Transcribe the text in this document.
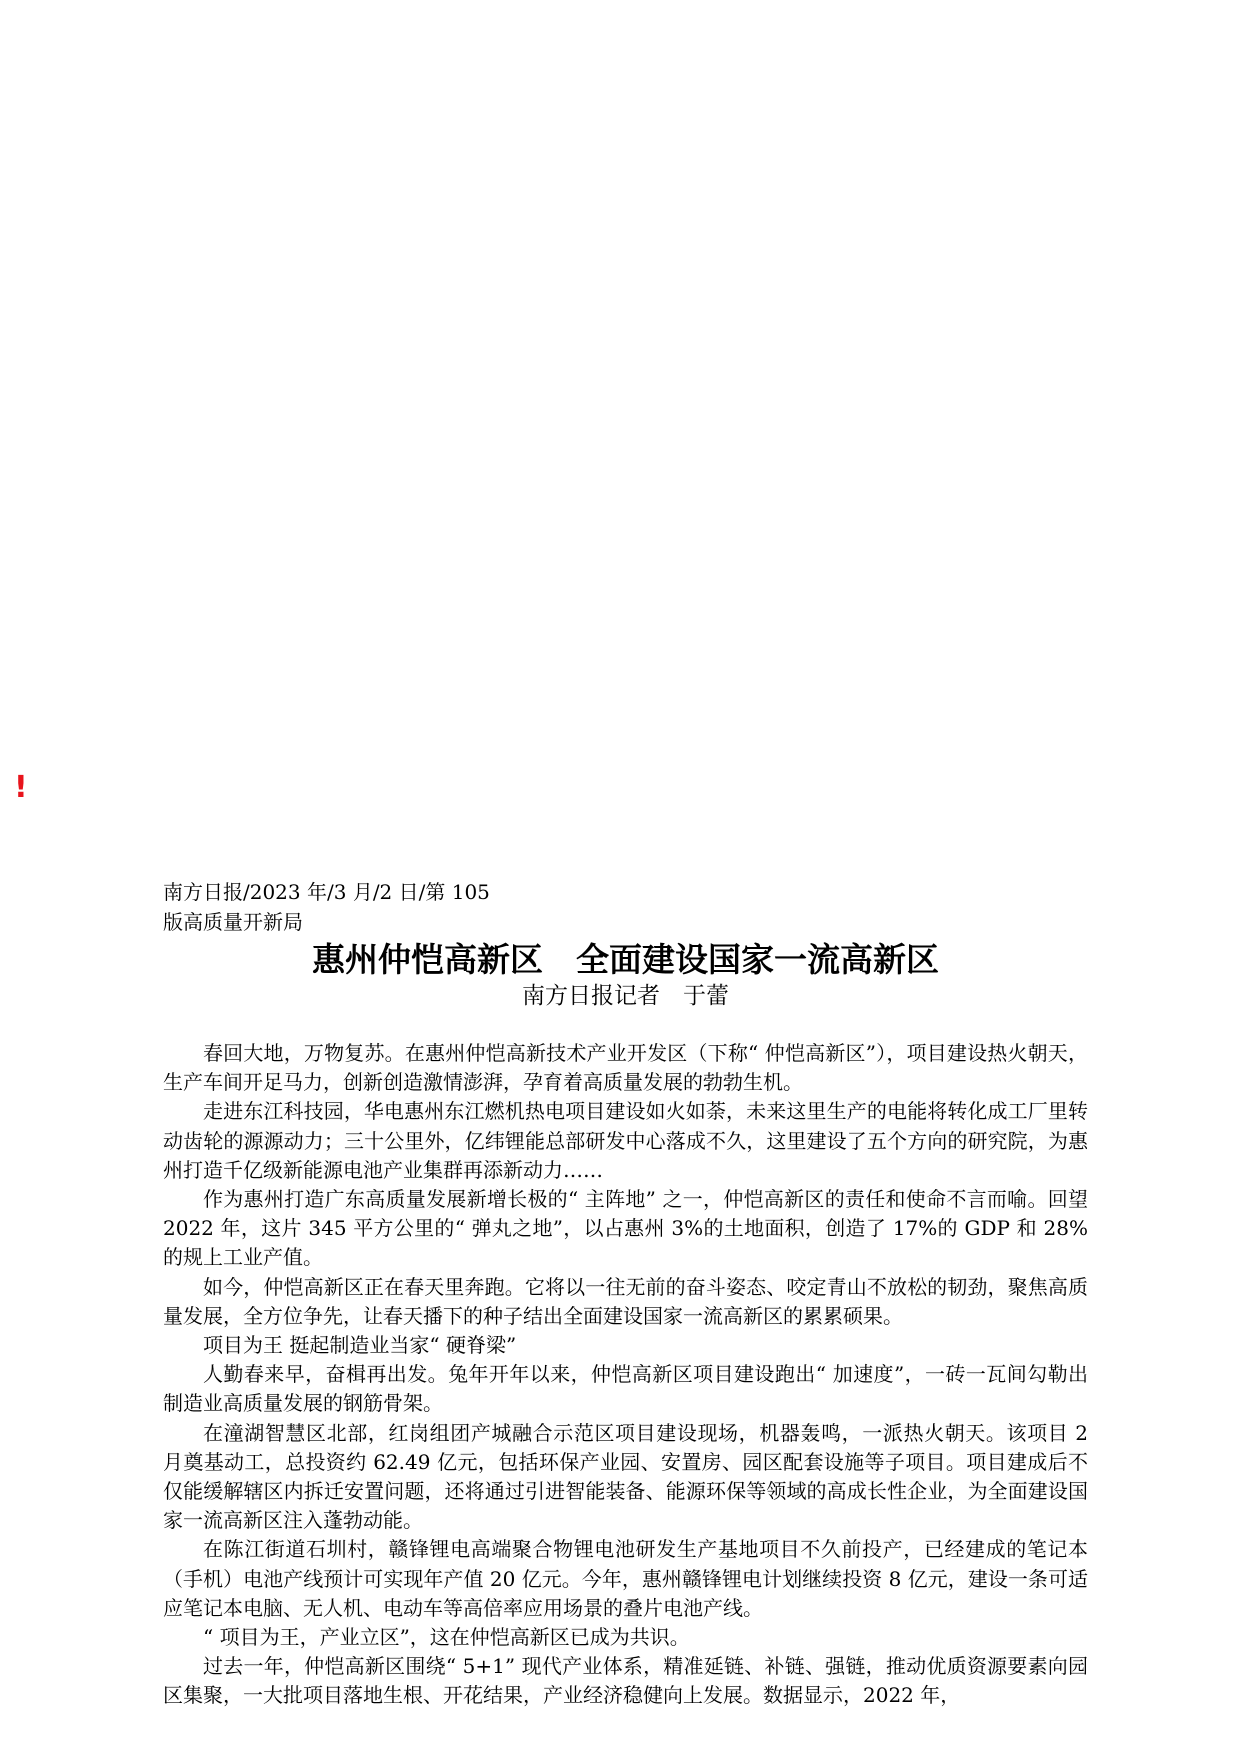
!
南方日报/2023 年/3 月/2 日/第 105
版高质量开新局
惠州仲恺高新区　全面建设国家一流高新区
南方日报记者　于蕾

春回大地，万物复苏。在惠州仲恺高新技术产业开发区（下称“ 仲恺高新区”），项目建设热火朝天，生产车间开足马力，创新创造激情澎湃，孕育着高质量发展的勃勃生机。

走进东江科技园，华电惠州东江燃机热电项目建设如火如荼，未来这里生产的电能将转化成工厂里转动齿轮的源源动力；三十公里外，亿纬锂能总部研发中心落成不久，这里建设了五个方向的研究院，为惠州打造千亿级新能源电池产业集群再添新动力……

作为惠州打造广东高质量发展新增长极的“ 主阵地” 之一，仲恺高新区的责任和使命不言而喻。回望 2022 年，这片 345 平方公里的“ 弹丸之地”，以占惠州 3%的土地面积，创造了 17%的 GDP 和 28%的规上工业产值。

如今，仲恺高新区正在春天里奔跑。它将以一往无前的奋斗姿态、咬定青山不放松的韧劲，聚焦高质量发展，全方位争先，让春天播下的种子结出全面建设国家一流高新区的累累硕果。

项目为王 挺起制造业当家“ 硬脊梁”

人勤春来早，奋楫再出发。兔年开年以来，仲恺高新区项目建设跑出“ 加速度”，一砖一瓦间勾勒出制造业高质量发展的钢筋骨架。

在潼湖智慧区北部，红岗组团产城融合示范区项目建设现场，机器轰鸣，一派热火朝天。该项目 2 月奠基动工，总投资约 62.49 亿元，包括环保产业园、安置房、园区配套设施等子项目。项目建成后不仅能缓解辖区内拆迁安置问题，还将通过引进智能装备、能源环保等领域的高成长性企业，为全面建设国家一流高新区注入蓬勃动能。

在陈江街道石圳村，赣锋锂电高端聚合物锂电池研发生产基地项目不久前投产，已经建成的笔记本（手机）电池产线预计可实现年产值 20 亿元。今年，惠州赣锋锂电计划继续投资 8 亿元，建设一条可适应笔记本电脑、无人机、电动车等高倍率应用场景的叠片电池产线。

“ 项目为王，产业立区”，这在仲恺高新区已成为共识。

过去一年，仲恺高新区围绕“ 5+1” 现代产业体系，精准延链、补链、强链，推动优质资源要素向园区集聚，一大批项目落地生根、开花结果，产业经济稳健向上发展。数据显示，2022 年，
